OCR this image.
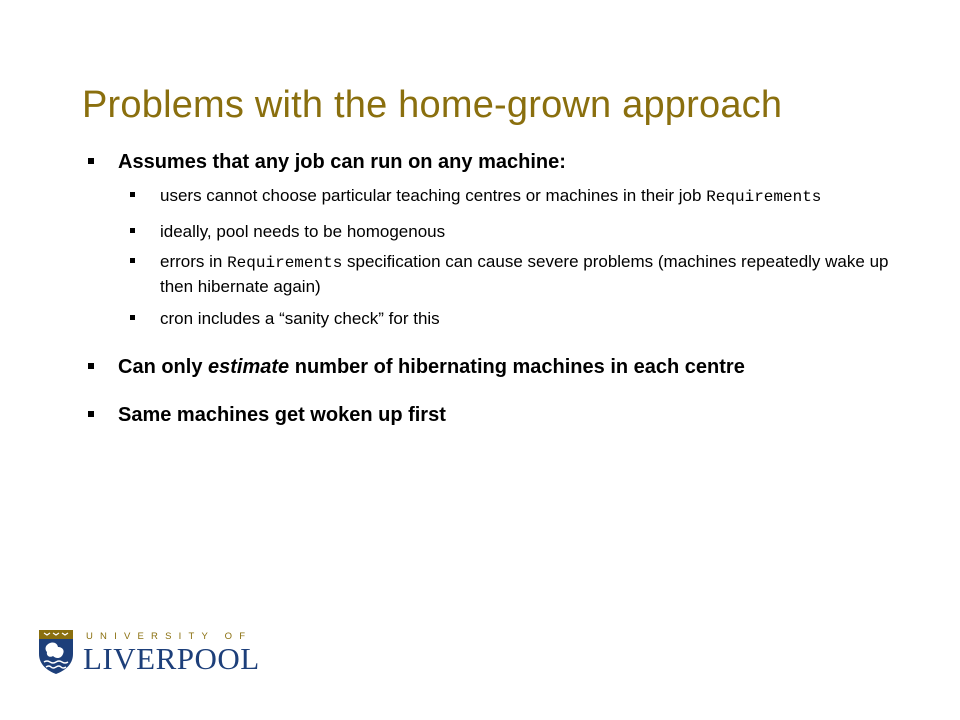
Problems with the home-grown approach
Assumes that any job can run on any machine:
users cannot choose particular teaching centres or machines in their job Requirements
ideally, pool needs to be homogenous
errors in Requirements specification can cause severe problems (machines repeatedly wake up then hibernate again)
cron includes a “sanity check” for this
Can only estimate number of hibernating machines in each centre
Same machines get woken up first
UNIVERSITY OF
LIVERPOOL
